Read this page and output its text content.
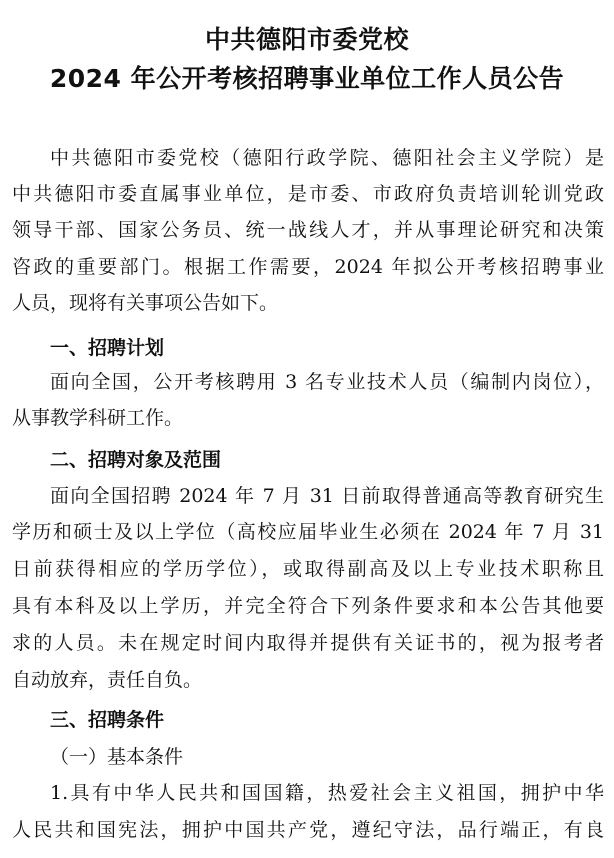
中共德阳市委党校
2024 年公开考核招聘事业单位工作人员公告
中共德阳市委党校（德阳行政学院、德阳社会主义学院）是
中共德阳市委直属事业单位，是市委、市政府负责培训轮训党政
领导干部、国家公务员、统一战线人才，并从事理论研究和决策
咨政的重要部门。根据工作需要，2024 年拟公开考核招聘事业
人员，现将有关事项公告如下。
一、招聘计划
面向全国，公开考核聘用 3 名专业技术人员（编制内岗位），
从事教学科研工作。
二、招聘对象及范围
面向全国招聘 2024 年 7 月 31 日前取得普通高等教育研究生
学历和硕士及以上学位（高校应届毕业生必须在 2024 年 7 月 31
日前获得相应的学历学位），或取得副高及以上专业技术职称且
具有本科及以上学历，并完全符合下列条件要求和本公告其他要
求的人员。未在规定时间内取得并提供有关证书的，视为报考者
自动放弃，责任自负。
三、招聘条件
（一）基本条件
1.具有中华人民共和国国籍，热爱社会主义祖国，拥护中华
人民共和国宪法，拥护中国共产党，遵纪守法，品行端正，有良
